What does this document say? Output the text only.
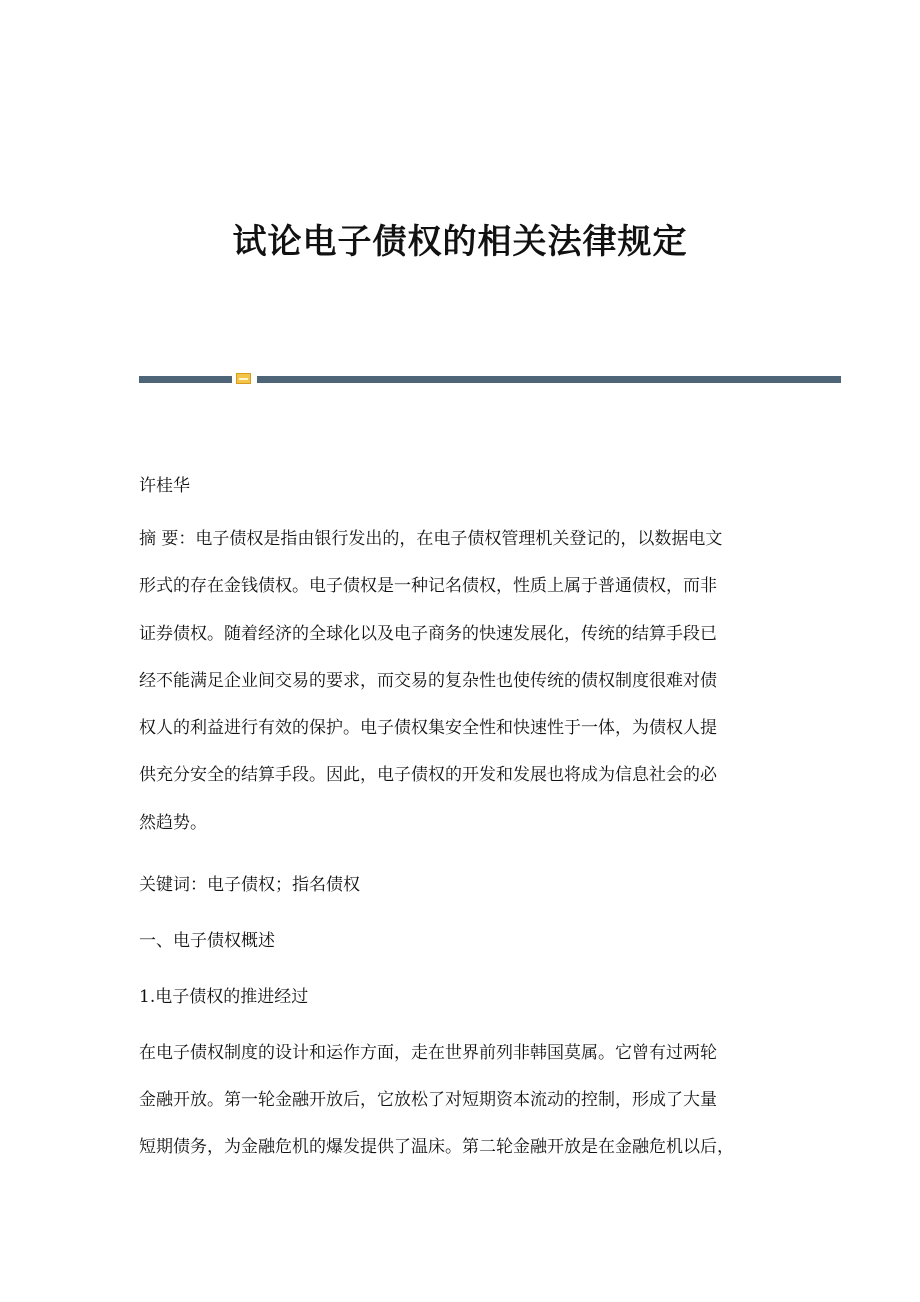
试论电子债权的相关法律规定
许桂华
摘 要：电子债权是指由银行发出的，在电子债权管理机关登记的，以数据电文
形式的存在金钱债权。电子债权是一种记名债权，性质上属于普通债权，而非
证券债权。随着经济的全球化以及电子商务的快速发展化，传统的结算手段已
经不能满足企业间交易的要求，而交易的复杂性也使传统的债权制度很难对债
权人的利益进行有效的保护。电子债权集安全性和快速性于一体，为债权人提
供充分安全的结算手段。因此，电子债权的开发和发展也将成为信息社会的必
然趋势。
关键词：电子债权；指名债权
一、电子债权概述
1.电子债权的推进经过
在电子债权制度的设计和运作方面，走在世界前列非韩国莫属。它曾有过两轮
金融开放。第一轮金融开放后，它放松了对短期资本流动的控制，形成了大量
短期债务，为金融危机的爆发提供了温床。第二轮金融开放是在金融危机以后，
